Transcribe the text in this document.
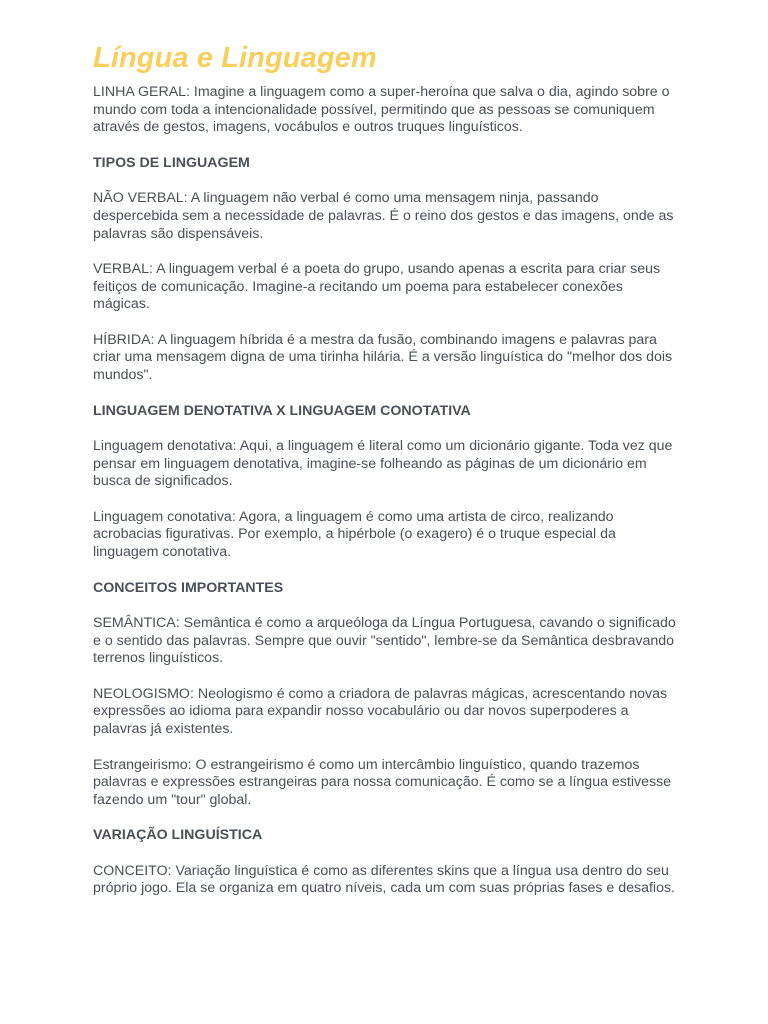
Língua e Linguagem
LINHA GERAL: Imagine a linguagem como a super-heroína que salva o dia, agindo sobre o mundo com toda a intencionalidade possível, permitindo que as pessoas se comuniquem através de gestos, imagens, vocábulos e outros truques linguísticos.
TIPOS DE LINGUAGEM
NÃO VERBAL: A linguagem não verbal é como uma mensagem ninja, passando despercebida sem a necessidade de palavras. É o reino dos gestos e das imagens, onde as palavras são dispensáveis.
VERBAL: A linguagem verbal é a poeta do grupo, usando apenas a escrita para criar seus feitiços de comunicação. Imagine-a recitando um poema para estabelecer conexões mágicas.
HÍBRIDA: A linguagem híbrida é a mestra da fusão, combinando imagens e palavras para criar uma mensagem digna de uma tirinha hilária. É a versão linguística do "melhor dos dois mundos".
LINGUAGEM DENOTATIVA X LINGUAGEM CONOTATIVA
Linguagem denotativa: Aqui, a linguagem é literal como um dicionário gigante. Toda vez que pensar em linguagem denotativa, imagine-se folheando as páginas de um dicionário em busca de significados.
Linguagem conotativa: Agora, a linguagem é como uma artista de circo, realizando acrobacias figurativas. Por exemplo, a hipérbole (o exagero) é o truque especial da linguagem conotativa.
CONCEITOS IMPORTANTES
SEMÂNTICA: Semântica é como a arqueóloga da Língua Portuguesa, cavando o significado e o sentido das palavras. Sempre que ouvir "sentido", lembre-se da Semântica desbravando terrenos linguísticos.
NEOLOGISMO: Neologismo é como a criadora de palavras mágicas, acrescentando novas expressões ao idioma para expandir nosso vocabulário ou dar novos superpoderes a palavras já existentes.
Estrangeirismo: O estrangeirismo é como um intercâmbio linguístico, quando trazemos palavras e expressões estrangeiras para nossa comunicação. É como se a língua estivesse fazendo um "tour" global.
VARIAÇÃO LINGUÍSTICA
CONCEITO: Variação linguística é como as diferentes skins que a língua usa dentro do seu próprio jogo. Ela se organiza em quatro níveis, cada um com suas próprias fases e desafios.
